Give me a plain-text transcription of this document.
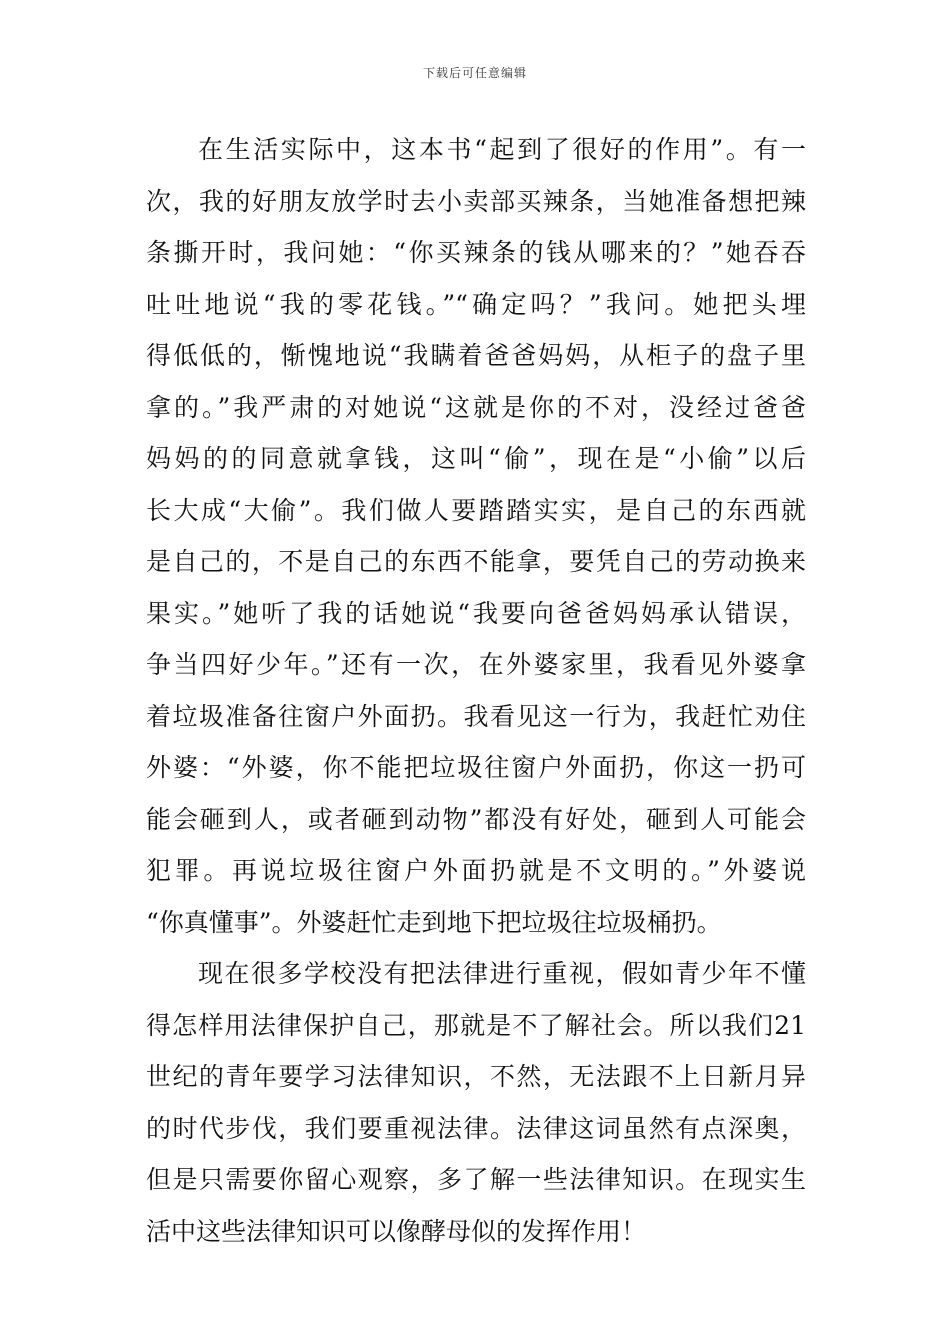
下载后可任意编辑
在生活实际中，这本书“起到了很好的作用”。有一
次，我的好朋友放学时去小卖部买辣条，当她准备想把辣
条撕开时，我问她：“你买辣条的钱从哪来的？”她吞吞
吐吐地说“我的零花钱。”“确定吗？”我问。她把头埋
得低低的，惭愧地说“我瞒着爸爸妈妈，从柜子的盘子里
拿的。”我严肃的对她说“这就是你的不对，没经过爸爸
妈妈的的同意就拿钱，这叫“偷”，现在是“小偷”以后
长大成“大偷”。我们做人要踏踏实实，是自己的东西就
是自己的，不是自己的东西不能拿，要凭自己的劳动换来
果实。”她听了我的话她说“我要向爸爸妈妈承认错误，
争当四好少年。”还有一次，在外婆家里，我看见外婆拿
着垃圾准备往窗户外面扔。我看见这一行为，我赶忙劝住
外婆：“外婆，你不能把垃圾往窗户外面扔，你这一扔可
能会砸到人，或者砸到动物”都没有好处，砸到人可能会
犯罪。再说垃圾往窗户外面扔就是不文明的。”外婆说
“你真懂事”。外婆赶忙走到地下把垃圾往垃圾桶扔。
现在很多学校没有把法律进行重视，假如青少年不懂
得怎样用法律保护自己，那就是不了解社会。所以我们21
世纪的青年要学习法律知识，不然，无法跟不上日新月异
的时代步伐，我们要重视法律。法律这词虽然有点深奥，
但是只需要你留心观察，多了解一些法律知识。在现实生
活中这些法律知识可以像酵母似的发挥作用！
